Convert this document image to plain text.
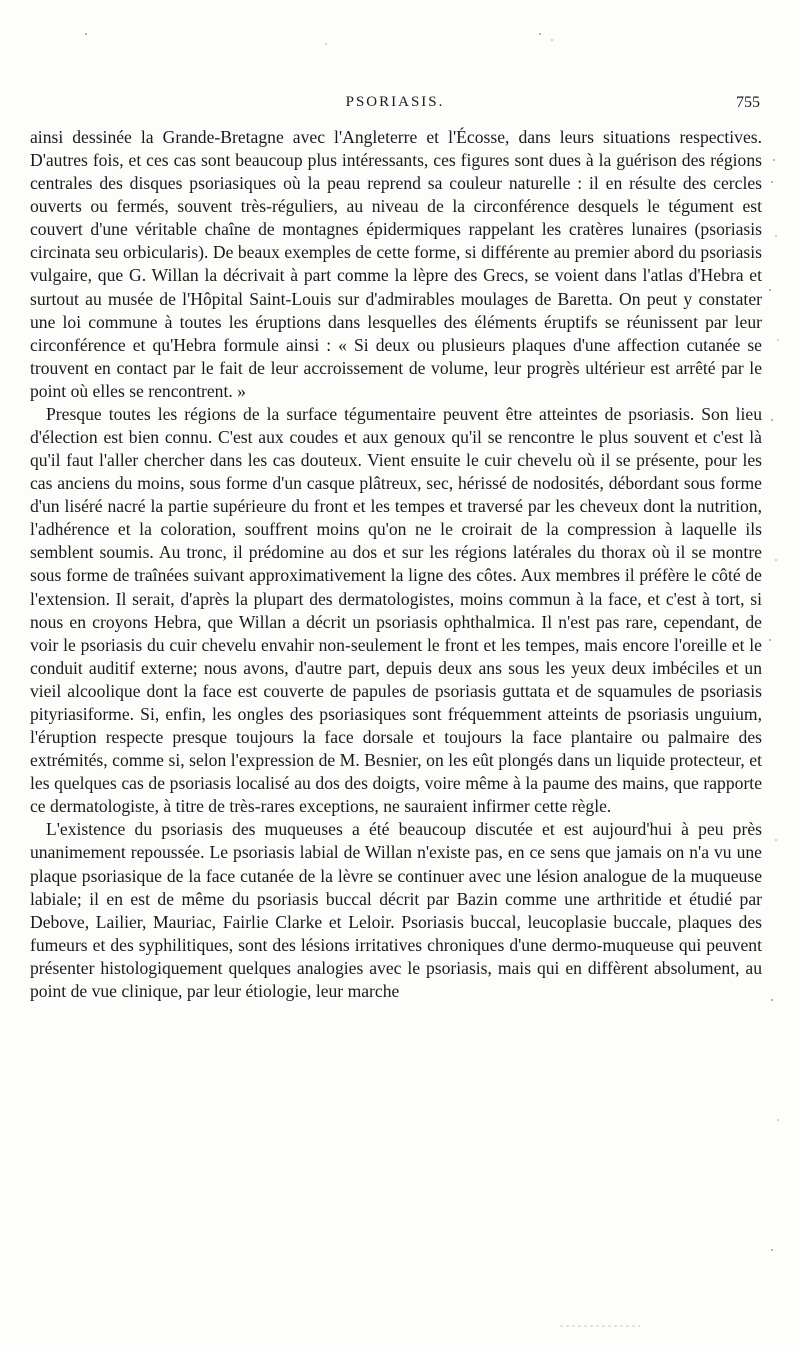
PSORIASIS.	755

ainsi dessinée la Grande-Bretagne avec l'Angleterre et l'Écosse, dans leurs situations respectives. D'autres fois, et ces cas sont beaucoup plus intéressants, ces figures sont dues à la guérison des régions centrales des disques psoriasiques où la peau reprend sa couleur naturelle : il en résulte des cercles ouverts ou fermés, souvent très-réguliers, au niveau de la circonférence desquels le tégument est couvert d'une véritable chaîne de montagnes épidermiques rappelant les cratères lunaires (psoriasis circinata seu orbicularis). De beaux exemples de cette forme, si différente au premier abord du psoriasis vulgaire, que G. Willan la décrivait à part comme la lèpre des Grecs, se voient dans l'atlas d'Hebra et surtout au musée de l'Hôpital Saint-Louis sur d'admirables moulages de Baretta. On peut y constater une loi commune à toutes les éruptions dans lesquelles des éléments éruptifs se réunissent par leur circonférence et qu'Hebra formule ainsi : « Si deux ou plusieurs plaques d'une affection cutanée se trouvent en contact par le fait de leur accroissement de volume, leur progrès ultérieur est arrêté par le point où elles se rencontrent. »

Presque toutes les régions de la surface tégumentaire peuvent être atteintes de psoriasis. Son lieu d'élection est bien connu. C'est aux coudes et aux genoux qu'il se rencontre le plus souvent et c'est là qu'il faut l'aller chercher dans les cas douteux. Vient ensuite le cuir chevelu où il se présente, pour les cas anciens du moins, sous forme d'un casque plâtreux, sec, hérissé de nodosités, débordant sous forme d'un liséré nacré la partie supérieure du front et les tempes et traversé par les cheveux dont la nutrition, l'adhérence et la coloration, souffrent moins qu'on ne le croirait de la compression à laquelle ils semblent soumis. Au tronc, il prédomine au dos et sur les régions latérales du thorax où il se montre sous forme de traînées suivant approximativement la ligne des côtes. Aux membres il préfère le côté de l'extension. Il serait, d'après la plupart des dermatologistes, moins commun à la face, et c'est à tort, si nous en croyons Hebra, que Willan a décrit un psoriasis ophthalmica. Il n'est pas rare, cependant, de voir le psoriasis du cuir chevelu envahir non-seulement le front et les tempes, mais encore l'oreille et le conduit auditif externe; nous avons, d'autre part, depuis deux ans sous les yeux deux imbéciles et un vieil alcoolique dont la face est couverte de papules de psoriasis guttata et de squamules de psoriasis pityriasiforme. Si, enfin, les ongles des psoriasiques sont fréquemment atteints de psoriasis unguium, l'éruption respecte presque toujours la face dorsale et toujours la face plantaire ou palmaire des extrémités, comme si, selon l'expression de M. Besnier, on les eût plongés dans un liquide protecteur, et les quelques cas de psoriasis localisé au dos des doigts, voire même à la paume des mains, que rapporte ce dermatologiste, à titre de très-rares exceptions, ne sauraient infirmer cette règle.

L'existence du psoriasis des muqueuses a été beaucoup discutée et est aujourd'hui à peu près unanimement repoussée. Le psoriasis labial de Willan n'existe pas, en ce sens que jamais on n'a vu une plaque psoriasique de la face cutanée de la lèvre se continuer avec une lésion analogue de la muqueuse labiale; il en est de même du psoriasis buccal décrit par Bazin comme une arthritide et étudié par Debove, Lailier, Mauriac, Fairlie Clarke et Leloir. Psoriasis buccal, leucoplasie buccale, plaques des fumeurs et des syphilitiques, sont des lésions irritatives chroniques d'une dermo-muqueuse qui peuvent présenter histologiquement quelques analogies avec le psoriasis, mais qui en diffèrent absolument, au point de vue clinique, par leur étiologie, leur marche
